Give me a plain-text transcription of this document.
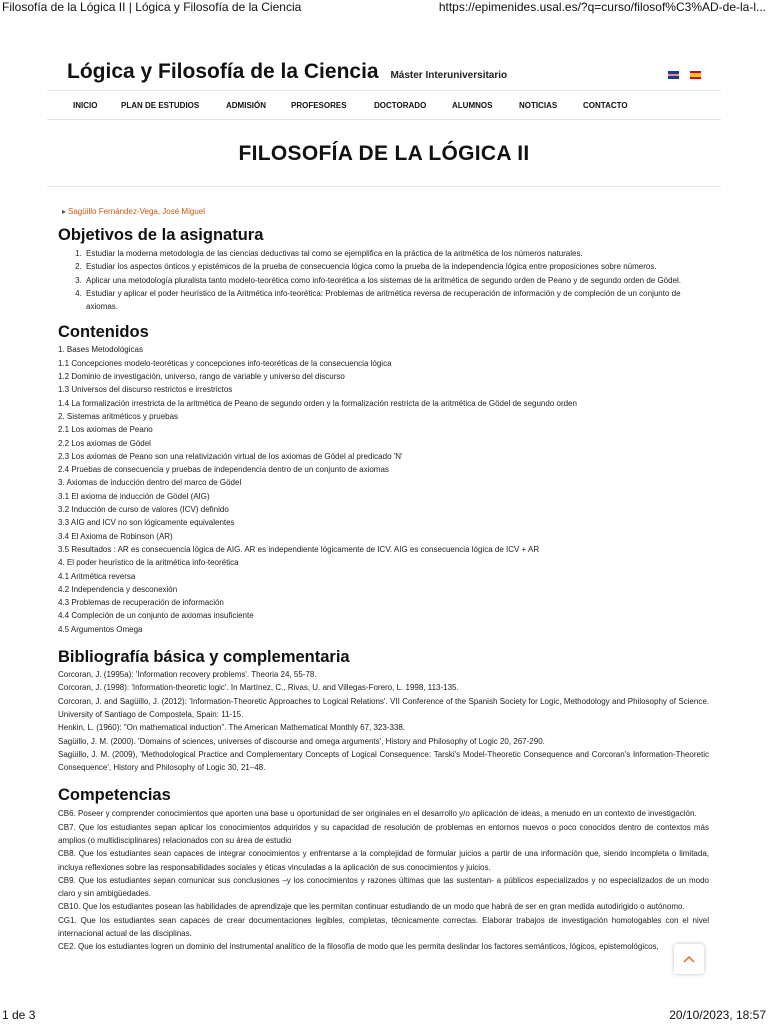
Filosofía de la Lógica II | Lógica y Filosofía de la Ciencia	https://epimenides.usal.es/?q=curso/filosof%C3%AD-de-la-l...
Lógica y Filosofía de la Ciencia Máster Interuniversitario
INICIO	PLAN DE ESTUDIOS	ADMISIÓN	PROFESORES	DOCTORADO	ALUMNOS	NOTICIAS	CONTACTO
FILOSOFÍA DE LA LÓGICA II
▸ Sagüillo Fernández-Vega, José Miguel
Objetivos de la asignatura
1. Estudiar la moderna metodología de las ciencias deductivas tal como se ejemplifica en la práctica de la aritmética de los números naturales.
2. Estudiar los aspectos ónticos y epistémicos de la prueba de consecuencia lógica como la prueba de la independencia lógica entre proposiciones sobre números.
3. Aplicar una metodología pluralista tanto modelo-teorética como info-teorética a los sistemas de la aritmética de segundo orden de Peano y de segundo orden de Gödel.
4. Estudiar y aplicar el poder heurístico de la Aritmética info-teorética: Problemas de aritmética reversa de recuperación de información y de compleción de un conjunto de axiomas.
Contenidos
1. Bases Metodológicas
1.1 Concepciones modelo-teoréticas y concepciones info-teoréticas de la consecuencia lógica
1.2 Dominio de investigación, universo, rango de variable y universo del discurso
1.3 Universos del discurso restrictos e irrestrictos
1.4 La formalización irrestricta de la aritmética de Peano de segundo orden y la formalización restricta de la aritmética de Gödel de segundo orden
2. Sistemas aritméticos y pruebas
2.1 Los axiomas de Peano
2.2 Los axiomas de Gödel
2.3 Los axiomas de Peano son una relativización virtual de los axiomas de Gödel al predicado 'N'
2.4 Pruebas de consecuencia y pruebas de independencia dentro de un conjunto de axiomas
3. Axiomas de inducción dentro del marco de Gödel
3.1 El axioma de inducción de Gödel (AIG)
3.2 Inducción de curso de valores (ICV) definido
3.3 AIG and ICV no son lógicamente equivalentes
3.4 El Axioma de Robinson (AR)
3.5 Resultados : AR es consecuencia lógica de AIG. AR es independiente lógicamente de ICV. AIG es consecuencia lógica de ICV + AR
4. El poder heurístico de la aritmética info-teorética
4.1 Aritmética reversa
4.2 Independencia y desconexión
4.3 Problemas de recuperación de información
4.4 Compleción de un conjunto de axiomas insuficiente
4.5 Argumentos Omega
Bibliografía básica y complementaria
Corcoran, J. (1995a): 'Information recovery problems'. Theoria 24, 55-78.
Corcoran, J. (1998): 'Information-theoretic logic'. In Martínez, C., Rivas, U. and Villegas-Forero, L. 1998, 113-135.
Corcoran, J. and Sagüillo, J. (2012): 'Information-Theoretic Approaches to Logical Relations'. VII Conference of the Spanish Society for Logic, Methodology and Philosophy of Science. University of Santiago de Compostela, Spain: 11-15.
Henkin, L. (1960): "On mathematical induction". The American Mathematical Monthly 67, 323-338.
Sagüillo, J. M. (2000). 'Domains of sciences, universes of discourse and omega arguments', History and Philosophy of Logic 20, 267-290.
Sagüillo, J. M. (2009), 'Methodological Practice and Complementary Concepts of Logical Consequence: Tarski's Model-Theoretic Consequence and Corcoran's Information-Theoretic Consequence', History and Philosophy of Logic 30, 21–48.
Competencias
CB6. Poseer y comprender conocimientos que aporten una base u oportunidad de ser originales en el desarrollo y/o aplicación de ideas, a menudo en un contexto de investigación.
CB7. Que los estudiantes sepan aplicar los conocimientos adquiridos y su capacidad de resolución de problemas en entornos nuevos o poco conocidos dentro de contextos más amplios (o multidisciplinares) relacionados con su área de estudio
CB8. Que los estudiantes sean capaces de integrar conocimientos y enfrentarse a la complejidad de formular juicios a partir de una información que, siendo incompleta o limitada, incluya reflexiones sobre las responsabilidades sociales y éticas vinculadas a la aplicación de sus conocimientos y juicios.
CB9. Que los estudiantes sepan comunicar sus conclusiones –y los conocimientos y razones últimas que las sustentan- a públicos especializados y no especializados de un modo claro y sin ambigüedades.
CB10. Que los estudiantes posean las habilidades de aprendizaje que les permitan continuar estudiando de un modo que habrá de ser en gran medida autodirigido o autónomo.
CG1. Que los estudiantes sean capaces de crear documentaciones legibles, completas, técnicamente correctas. Elaborar trabajos de investigación homologables con el nivel internacional actual de las disciplinas.
CE2. Que los estudiantes logren un dominio del instrumental analítico de la filosofía de modo que les permita deslindar los factores semánticos, lógicos, epistemológicos,
1 de 3	20/10/2023, 18:57
